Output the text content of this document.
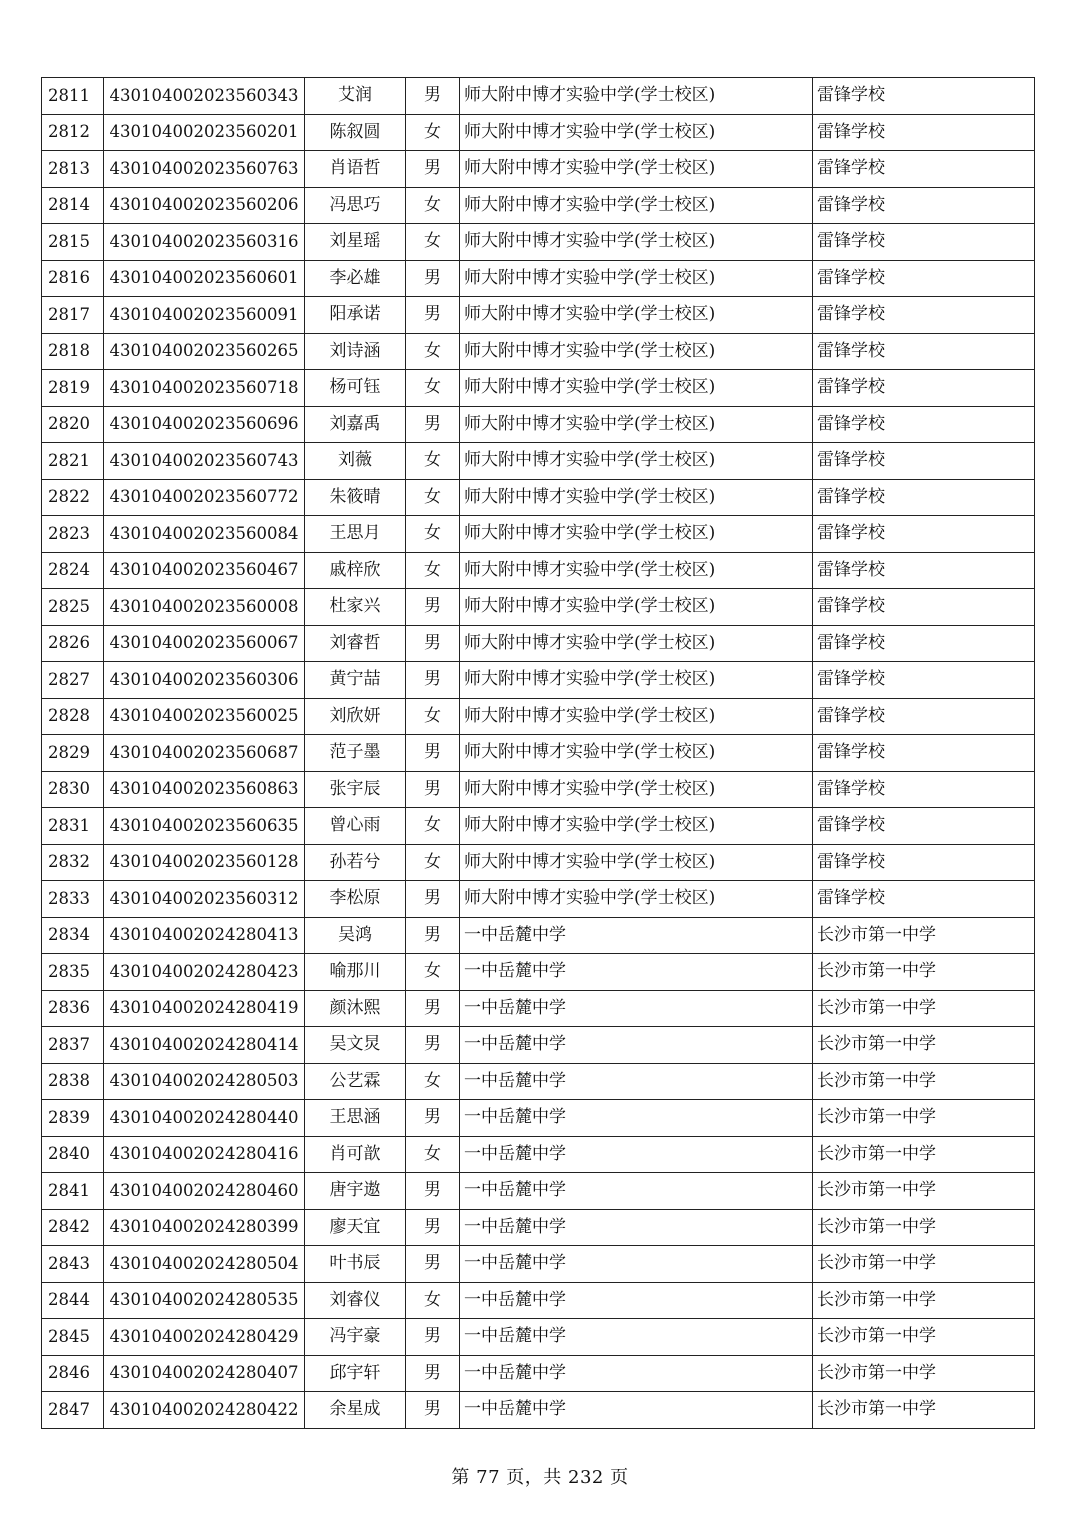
2811	430104002023560343	艾润	男	师大附中博才实验中学(学士校区)	雷锋学校
2812	430104002023560201	陈叙圆	女	师大附中博才实验中学(学士校区)	雷锋学校
2813	430104002023560763	肖语哲	男	师大附中博才实验中学(学士校区)	雷锋学校
2814	430104002023560206	冯思巧	女	师大附中博才实验中学(学士校区)	雷锋学校
2815	430104002023560316	刘星瑶	女	师大附中博才实验中学(学士校区)	雷锋学校
2816	430104002023560601	李必雄	男	师大附中博才实验中学(学士校区)	雷锋学校
2817	430104002023560091	阳承诺	男	师大附中博才实验中学(学士校区)	雷锋学校
2818	430104002023560265	刘诗涵	女	师大附中博才实验中学(学士校区)	雷锋学校
2819	430104002023560718	杨可钰	女	师大附中博才实验中学(学士校区)	雷锋学校
2820	430104002023560696	刘嘉禹	男	师大附中博才实验中学(学士校区)	雷锋学校
2821	430104002023560743	刘薇	女	师大附中博才实验中学(学士校区)	雷锋学校
2822	430104002023560772	朱筱晴	女	师大附中博才实验中学(学士校区)	雷锋学校
2823	430104002023560084	王思月	女	师大附中博才实验中学(学士校区)	雷锋学校
2824	430104002023560467	戚梓欣	女	师大附中博才实验中学(学士校区)	雷锋学校
2825	430104002023560008	杜家兴	男	师大附中博才实验中学(学士校区)	雷锋学校
2826	430104002023560067	刘睿哲	男	师大附中博才实验中学(学士校区)	雷锋学校
2827	430104002023560306	黄宁喆	男	师大附中博才实验中学(学士校区)	雷锋学校
2828	430104002023560025	刘欣妍	女	师大附中博才实验中学(学士校区)	雷锋学校
2829	430104002023560687	范子墨	男	师大附中博才实验中学(学士校区)	雷锋学校
2830	430104002023560863	张宇辰	男	师大附中博才实验中学(学士校区)	雷锋学校
2831	430104002023560635	曾心雨	女	师大附中博才实验中学(学士校区)	雷锋学校
2832	430104002023560128	孙若兮	女	师大附中博才实验中学(学士校区)	雷锋学校
2833	430104002023560312	李松原	男	师大附中博才实验中学(学士校区)	雷锋学校
2834	430104002024280413	吴鸿	男	一中岳麓中学	长沙市第一中学
2835	430104002024280423	喻那川	女	一中岳麓中学	长沙市第一中学
2836	430104002024280419	颜沐熙	男	一中岳麓中学	长沙市第一中学
2837	430104002024280414	吴文炅	男	一中岳麓中学	长沙市第一中学
2838	430104002024280503	公艺霖	女	一中岳麓中学	长沙市第一中学
2839	430104002024280440	王思涵	男	一中岳麓中学	长沙市第一中学
2840	430104002024280416	肖可歆	女	一中岳麓中学	长沙市第一中学
2841	430104002024280460	唐宇遨	男	一中岳麓中学	长沙市第一中学
2842	430104002024280399	廖天宜	男	一中岳麓中学	长沙市第一中学
2843	430104002024280504	叶书辰	男	一中岳麓中学	长沙市第一中学
2844	430104002024280535	刘睿仪	女	一中岳麓中学	长沙市第一中学
2845	430104002024280429	冯宇豪	男	一中岳麓中学	长沙市第一中学
2846	430104002024280407	邱宇轩	男	一中岳麓中学	长沙市第一中学
2847	430104002024280422	余星成	男	一中岳麓中学	长沙市第一中学
第 77 页，共 232 页
